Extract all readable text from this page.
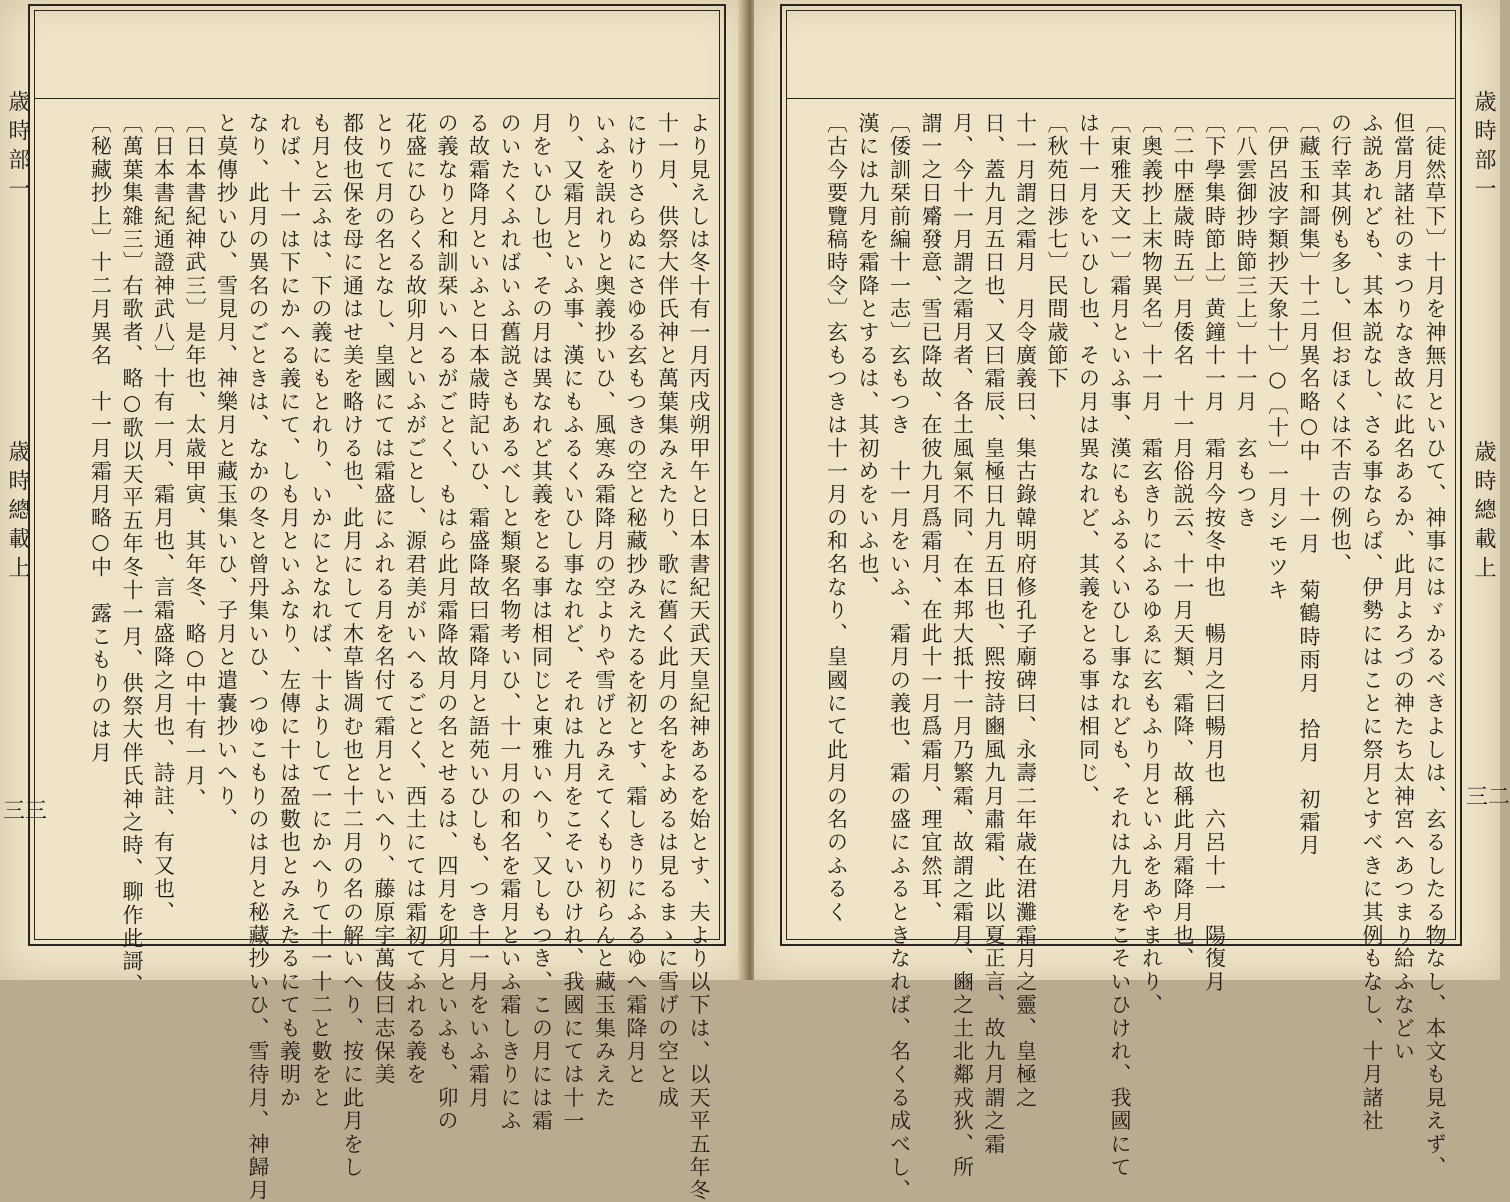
歳時部一
歳時總載上
三三	より見えしは冬十有一月丙戌朔甲午と日本書紀天武天皇紀神あるを始とす、夫より以下は、以天平五年冬
十一月、供祭大伴氏神と萬葉集みえたり、歌に舊く此月の名をよめるは見るまゝに雪げの空と成
にけりさらぬにさゆる玄もつきの空と秘藏抄みえたるを初とす、霜しきりにふるゆへ霜降月と
いふを誤れりと奥義抄いひ、風寒み霜降月の空よりや雪げとみえてくもり初らんと藏玉集みえた
り、又霜月といふ事、漢にもふるくいひし事なれど、それは九月をこそいひけれ、我國にては十一
月をいひし也、その月は異なれど其義をとる事は相同じと東雅いへり、又しもつき、この月には霜
のいたくふればいふ舊説さもあるべしと類聚名物考いひ、十一月の和名を霜月といふ霜しきりにふ
る故霜降月といふと日本歳時記いひ、霜盛降故曰霜降月と語苑いひしも、つき十一月をいふ霜月
の義なりと和訓栞いへるがごとく、もはら此月霜降故月の名とせるは、四月を卯月といふも、卯の
花盛にひらくる故卯月といふがごとし、源君美がいへるごとく、西土にては霜初てふれる義を
とりて月の名となし、皇國にては霜盛にふれる月を名付て霜月といへり、藤原宇萬伎曰志保美
都伎也保を母に通はせ美を略ける也、此月にして木草皆凋む也と十二月の名の解いへり、按に此月をし
も月と云ふは、下の義にもとれり、いかにとなれば、十よりして一にかへりて十一十二と數をと
れば、十一は下にかへる義にて、しも月といふなり、左傳に十は盈數也とみえたるにても義明か
なり、此月の異名のごときは、なかの冬と曾丹集いひ、つゆこもりのは月と秘藏抄いひ、雪待月、神歸月
と莫傳抄いひ、雪見月、神樂月と藏玉集いひ、子月と遣嚢抄いへり、
〔日本書紀神武三〕是年也、太歳甲寅、其年冬、略○中十有一月、
〔日本書紀通證神武八〕十有一月、霜月也、言霜盛降之月也、詩註、有又也、
〔萬葉集雜三〕右歌者、略○歌以天平五年冬十一月、供祭大伴氏神之時、聊作此謌、
〔秘藏抄上〕十二月異名　十一月霜月略○中　露こもりのは月	〔徒然草下〕十月を神無月といひて、神事にはゞかるべきよしは、玄るしたる物なし、本文も見えず、
但當月諸社のまつりなき故に此名あるか、此月よろづの神たち太神宮へあつまり給ふなどい
ふ説あれども、其本説なし、さる事ならば、伊勢にはことに祭月とすべきに其例もなし、十月諸社
の行幸其例も多し、但おほくは不吉の例也、
〔藏玉和謌集〕十二月異名略○中　十一月　菊鶴時雨月　拾月　初霜月
〔伊呂波字類抄天象十〕○〔十〕一月シモツキ
〔八雲御抄時節三上〕十一月　玄もつき
〔下學集時節上〕黄鐘十一月　霜月今按冬中也　暢月之曰暢月也　六呂十一　陽復月
〔二中歴歳時五〕月倭名　十一月俗説云、十一月天類、霜降、故稱此月霜降月也、
〔奥義抄上末物異名〕十一月　霜玄きりにふるゆゑに玄もふり月といふをあやまれり、
〔東雅天文一〕霜月といふ事、漢にもふるくいひし事なれども、それは九月をこそいひけれ、我國にて
は十一月をいひし也、その月は異なれど、其義をとる事は相同じ、
〔秋苑日渉七〕民間歳節下
十一月謂之霜月　月令廣義曰、集古錄韓明府修孔子廟碑曰、永壽二年歳在涒灘霜月之靈、皇極之
日、蓋九月五日也、又曰霜辰、皇極日九月五日也、熙按詩豳風九月肅霜、此以夏正言、故九月謂之霜
月、今十一月謂之霜月者、各土風氣不同、在本邦大抵十一月乃繁霜、故謂之霜月、豳之土北鄰戎狄、所
謂一之日觱發意、雪已降故、在彼九月爲霜月、在此十一月爲霜月、理宜然耳、
〔倭訓栞前編十一志〕玄もつき　十一月をいふ、霜月の義也、霜の盛にふるときなれば、名くる成べし、
漢には九月を霜降とするは、其初めをいふ也、
〔古今要覽稿時令〕玄もつきは十一月の和名なり、皇國にて此月の名のふるく	歳時部一
歳時總載上
三二
